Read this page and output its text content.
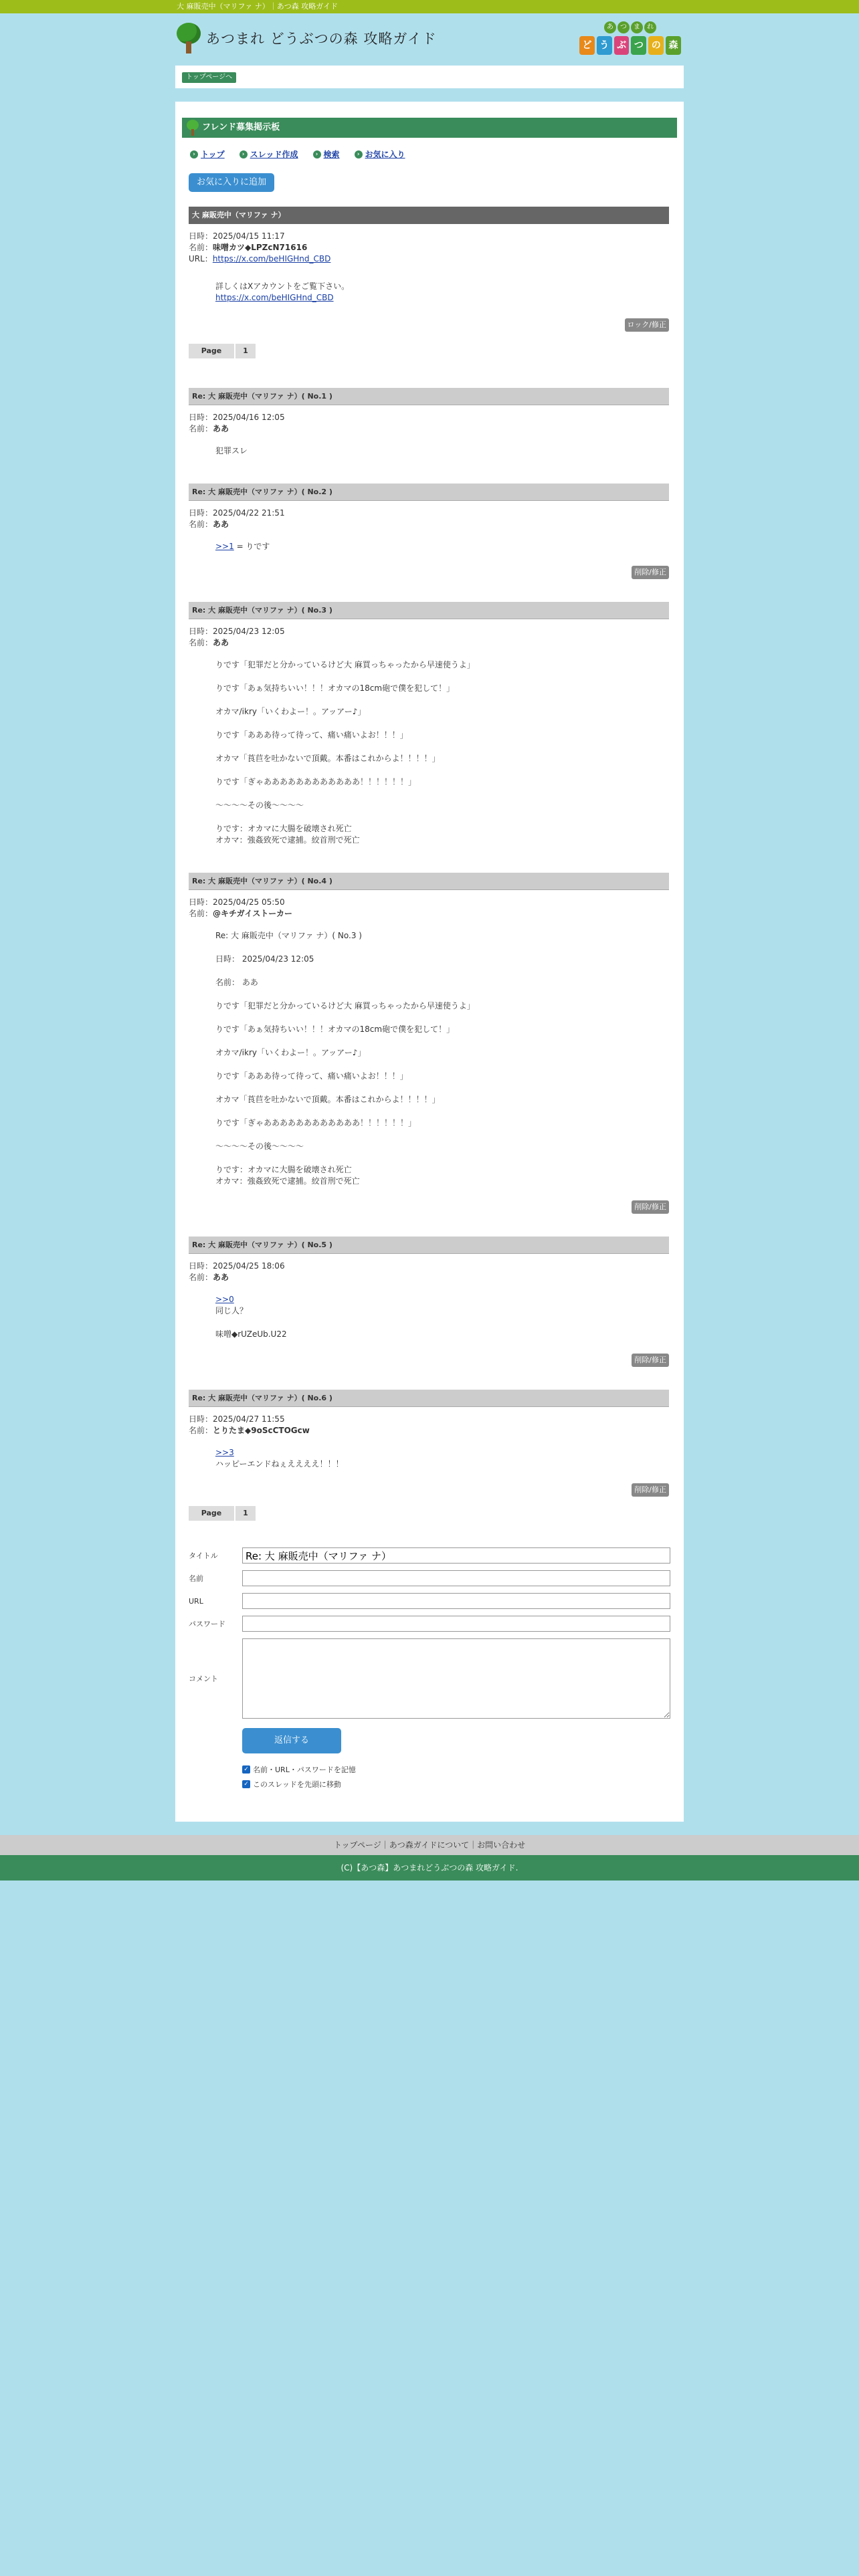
大 麻販売中（マリファ ナ）｜あつ森 攻略ガイド
あつまれ どうぶつの森 攻略ガイド
あ	つ	ま	れ
ど う ぶ つ の 森
トップページへ
フレンド募集掲示板
› トップ	› スレッド作成	› 検索	› お気に入り
お気に入りに追加
大 麻販売中（マリファ ナ）
日時：2025/04/15 11:17
名前：味噌カツ◆LPZcN71616
URL：https://x.com/beHIGHnd_CBD

詳しくはXアカウントをご覧下さい。

https://x.com/beHIGHnd_CBD

ロック/修正
Page	1
Re: 大 麻販売中（マリファ ナ）( No.1 )
日時：2025/04/16 12:05
名前：ああ

犯罪スレ

Re: 大 麻販売中（マリファ ナ）( No.2 )
日時：2025/04/22 21:51
名前：ああ

>>1 = りです

削除/修正
Re: 大 麻販売中（マリファ ナ）( No.3 )
日時：2025/04/23 12:05
名前：ああ

りです「犯罪だと分かっているけど大 麻買っちゃったから早速使うよ」

りです「あぁ気持ちいい！！！オカマの18cm砲で僕を犯して！」

オカマ/ikry「いくわよー！。アッアー♪」

りです「あああ待って待って、痛い痛いよお！！！」

オカマ「莨苣を吐かないで頂戴。本番はこれからよ！！！！」

りです「ぎゃああああああああああああ！！！！！！」

〜〜〜〜その後〜〜〜〜

りです：オカマに大腸を破壊され死亡

オカマ：強姦致死で逮捕。絞首刑で死亡

Re: 大 麻販売中（マリファ ナ）( No.4 )
日時：2025/04/25 05:50
名前：@キチガイストーカー

Re: 大 麻販売中（マリファ ナ）( No.3 )

日時： 2025/04/23 12:05

名前： ああ

りです「犯罪だと分かっているけど大 麻買っちゃったから早速使うよ」

りです「あぁ気持ちいい！！！オカマの18cm砲で僕を犯して！」

オカマ/ikry「いくわよー！。アッアー♪」

りです「あああ待って待って、痛い痛いよお！！！」

オカマ「莨苣を吐かないで頂戴。本番はこれからよ！！！！」

りです「ぎゃああああああああああああ！！！！！！」

〜〜〜〜その後〜〜〜〜

りです：オカマに大腸を破壊され死亡

オカマ：強姦致死で逮捕。絞首刑で死亡

削除/修正
Re: 大 麻販売中（マリファ ナ）( No.5 )
日時：2025/04/25 18:06
名前：ああ

>>0

同じ人？

味噌◆rUZeUb.U22

削除/修正
Re: 大 麻販売中（マリファ ナ）( No.6 )
日時：2025/04/27 11:55
名前：とりたま◆9oScCTOGcw

>>3

ハッピーエンドねぇええええ！！！

削除/修正
Page	1
タイトル
Re: 大 麻販売中（マリファ ナ）
名前
URL
パスワード
コメント
返信する
✓ 名前・URL・パスワードを記憶
✓ このスレッドを先頭に移動
トップページ｜あつ森ガイドについて｜お問い合わせ
(C)【あつ森】あつまれどうぶつの森 攻略ガイド.
